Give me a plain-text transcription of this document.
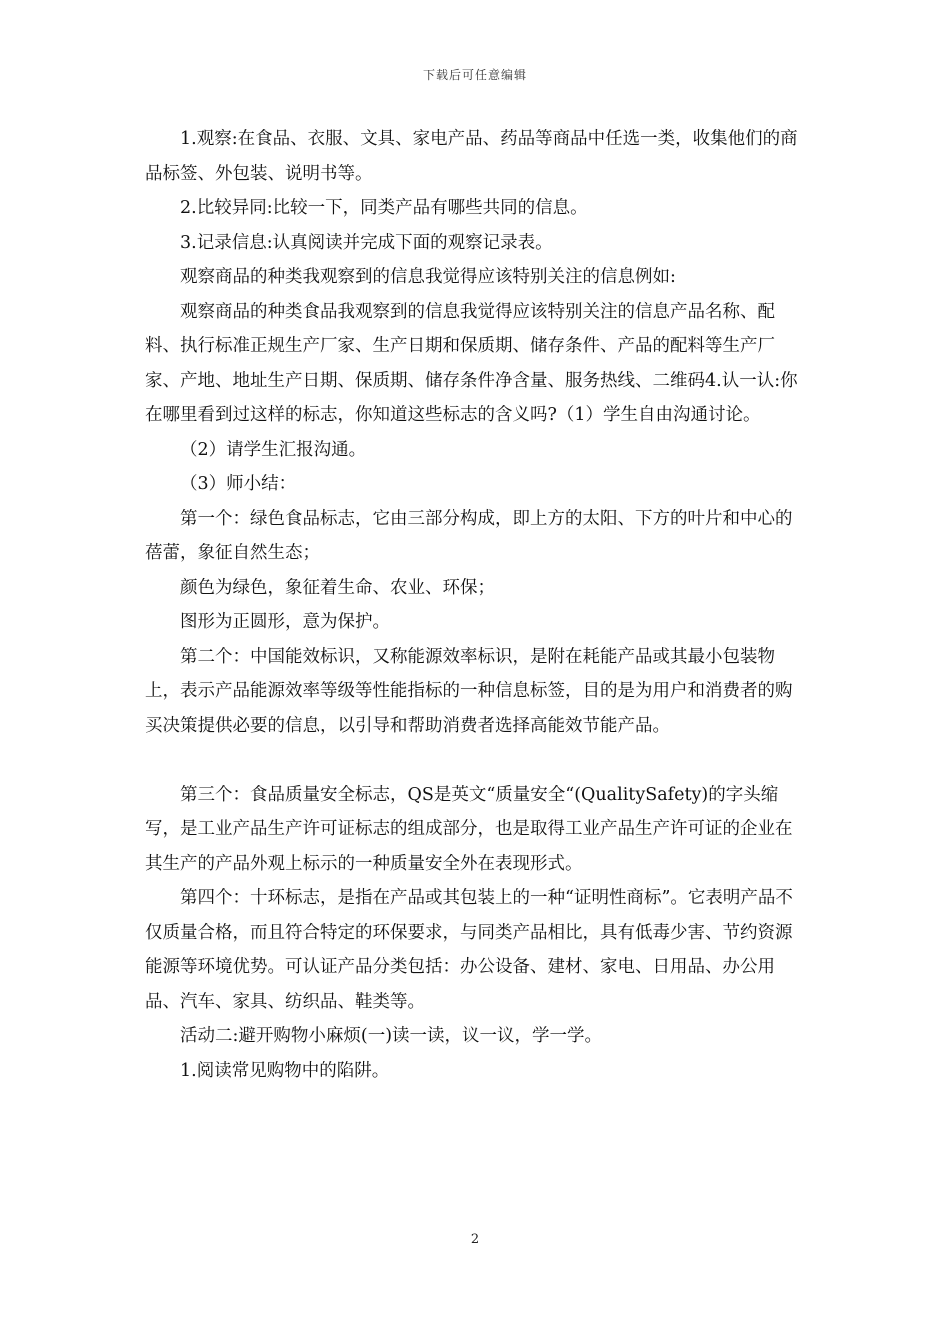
下载后可任意编辑

1.观察:在食品、衣服、文具、家电产品、药品等商品中任选一类，收集他们的商品标签、外包装、说明书等。

2.比较异同:比较一下，同类产品有哪些共同的信息。

3.记录信息:认真阅读并完成下面的观察记录表。

观察商品的种类我观察到的信息我觉得应该特别关注的信息例如:

观察商品的种类食品我观察到的信息我觉得应该特别关注的信息产品名称、配料、执行标准正规生产厂家、生产日期和保质期、储存条件、产品的配料等生产厂家、产地、地址生产日期、保质期、储存条件净含量、服务热线、二维码4.认一认:你在哪里看到过这样的标志，你知道这些标志的含义吗?（1）学生自由沟通讨论。

（2）请学生汇报沟通。

（3）师小结：

第一个：绿色食品标志，它由三部分构成，即上方的太阳、下方的叶片和中心的蓓蕾，象征自然生态；

颜色为绿色，象征着生命、农业、环保；

图形为正圆形，意为保护。

第二个：中国能效标识，又称能源效率标识，是附在耗能产品或其最小包装物上，表示产品能源效率等级等性能指标的一种信息标签，目的是为用户和消费者的购买决策提供必要的信息，以引导和帮助消费者选择高能效节能产品。

第三个：食品质量安全标志，QS是英文“质量安全“(QualitySafety)的字头缩写，是工业产品生产许可证标志的组成部分，也是取得工业产品生产许可证的企业在其生产的产品外观上标示的一种质量安全外在表现形式。

第四个：十环标志，是指在产品或其包装上的一种“证明性商标”。它表明产品不仅质量合格，而且符合特定的环保要求，与同类产品相比，具有低毒少害、节约资源能源等环境优势。可认证产品分类包括：办公设备、建材、家电、日用品、办公用品、汽车、家具、纺织品、鞋类等。

活动二:避开购物小麻烦(一)读一读，议一议，学一学。

1.阅读常见购物中的陷阱。

2
